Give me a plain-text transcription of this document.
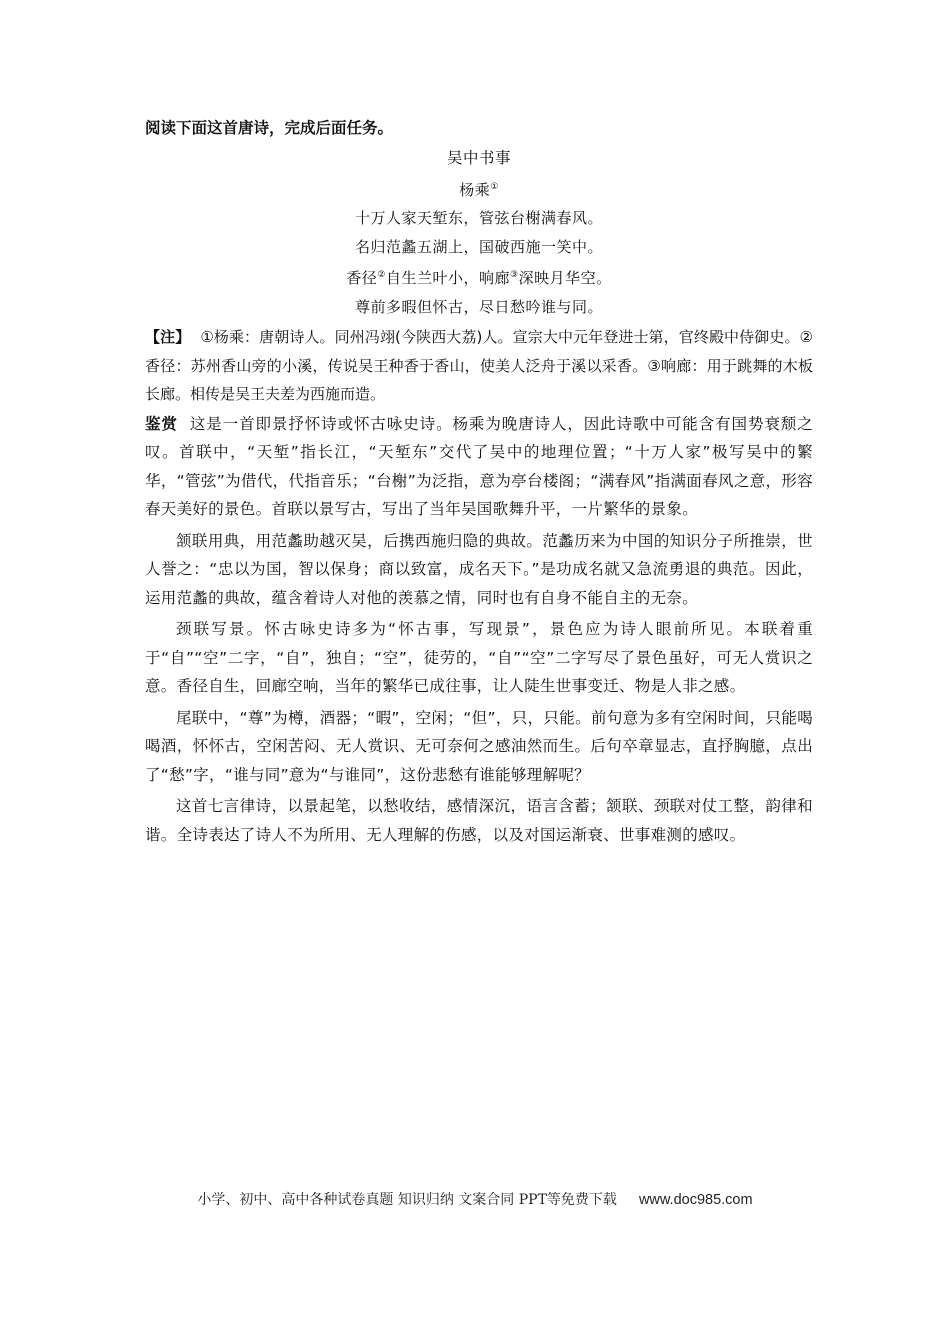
阅读下面这首唐诗，完成后面任务。

吴中书事
杨乘①
十万人家天堑东，管弦台榭满春风。
名归范蠡五湖上，国破西施一笑中。
香径②自生兰叶小，响廊③深映月华空。
尊前多暇但怀古，尽日愁吟谁与同。

【注】 ①杨乘：唐朝诗人。同州冯翊(今陕西大荔)人。宣宗大中元年登进士第，官终殿中侍御史。②香径：苏州香山旁的小溪，传说吴王种香于香山，使美人泛舟于溪以采香。③响廊：用于跳舞的木板长廊。相传是吴王夫差为西施而造。

鉴赏 这是一首即景抒怀诗或怀古咏史诗。杨乘为晚唐诗人，因此诗歌中可能含有国势衰颓之叹。首联中，“天堑”指长江，“天堑东”交代了吴中的地理位置；“十万人家”极写吴中的繁华，“管弦”为借代，代指音乐；“台榭”为泛指，意为亭台楼阁；“满春风”指满面春风之意，形容春天美好的景色。首联以景写古，写出了当年吴国歌舞升平，一片繁华的景象。

颔联用典，用范蠡助越灭吴，后携西施归隐的典故。范蠡历来为中国的知识分子所推崇，世人誉之：“忠以为国，智以保身；商以致富，成名天下。”是功成名就又急流勇退的典范。因此，运用范蠡的典故，蕴含着诗人对他的羡慕之情，同时也有自身不能自主的无奈。

颈联写景。怀古咏史诗多为“怀古事，写现景”，景色应为诗人眼前所见。本联着重于“自”“空”二字，“自”，独自；“空”，徒劳的，“自”“空”二字写尽了景色虽好，可无人赏识之意。香径自生，回廊空响，当年的繁华已成往事，让人陡生世事变迁、物是人非之感。

尾联中，“尊”为樽，酒器；“暇”，空闲；“但”，只，只能。前句意为多有空闲时间，只能喝喝酒，怀怀古，空闲苦闷、无人赏识、无可奈何之感油然而生。后句卒章显志，直抒胸臆，点出了“愁”字，“谁与同”意为“与谁同”，这份悲愁有谁能够理解呢？

这首七言律诗，以景起笔，以愁收结，感情深沉，语言含蓄；颔联、颈联对仗工整，韵律和谐。全诗表达了诗人不为所用、无人理解的伤感，以及对国运渐衰、世事难测的感叹。

小学、初中、高中各种试卷真题 知识归纳 文案合同 PPT等免费下载 www.doc985.com
